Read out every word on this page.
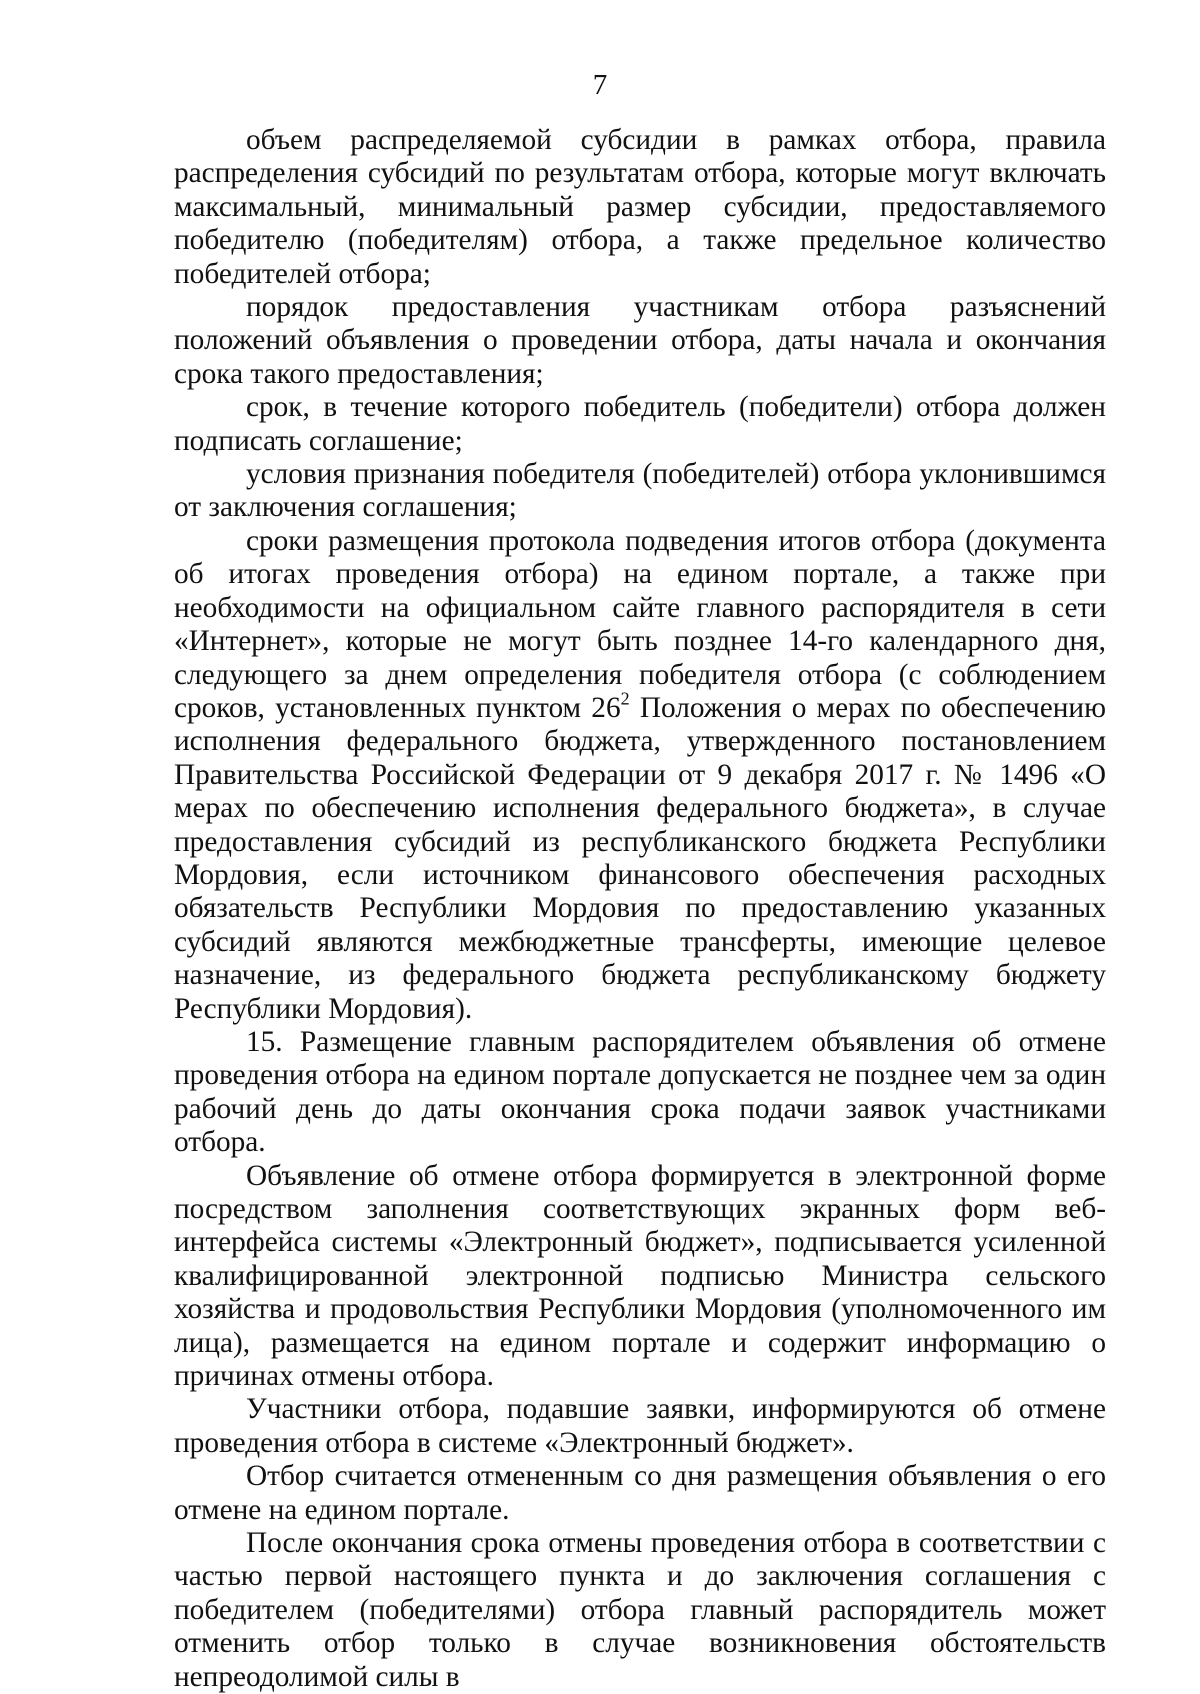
7

объем распределяемой субсидии в рамках отбора, правила распределения субсидий по результатам отбора, которые могут включать максимальный, минимальный размер субсидии, предоставляемого победителю (победителям) отбора, а также предельное количество победителей отбора;

порядок предоставления участникам отбора разъяснений положений объявления о проведении отбора, даты начала и окончания срока такого предоставления;

срок, в течение которого победитель (победители) отбора должен подписать соглашение;

условия признания победителя (победителей) отбора уклонившимся от заключения соглашения;

сроки размещения протокола подведения итогов отбора (документа об итогах проведения отбора) на едином портале, а также при необходимости на официальном сайте главного распорядителя в сети «Интернет», которые не могут быть позднее 14-го календарного дня, следующего за днем определения победителя отбора (с соблюдением сроков, установленных пунктом $26^2$ Положения о мерах по обеспечению исполнения федерального бюджета, утвержденного постановлением Правительства Российской Федерации от 9 декабря 2017 г. № 1496 «О мерах по обеспечению исполнения федерального бюджета», в случае предоставления субсидий из республиканского бюджета Республики Мордовия, если источником финансового обеспечения расходных обязательств Республики Мордовия по предоставлению указанных субсидий являются межбюджетные трансферты, имеющие целевое назначение, из федерального бюджета республиканскому бюджету Республики Мордовия).

15. Размещение главным распорядителем объявления об отмене проведения отбора на едином портале допускается не позднее чем за один рабочий день до даты окончания срока подачи заявок участниками отбора.

Объявление об отмене отбора формируется в электронной форме посредством заполнения соответствующих экранных форм веб-интерфейса системы «Электронный бюджет», подписывается усиленной квалифицированной электронной подписью Министра сельского хозяйства и продовольствия Республики Мордовия (уполномоченного им лица), размещается на едином портале и содержит информацию о причинах отмены отбора.

Участники отбора, подавшие заявки, информируются об отмене проведения отбора в системе «Электронный бюджет».

Отбор считается отмененным со дня размещения объявления о его отмене на едином портале.

После окончания срока отмены проведения отбора в соответствии с частью первой настоящего пункта и до заключения соглашения с победителем (победителями) отбора главный распорядитель может отменить отбор только в случае возникновения обстоятельств непреодолимой силы в
